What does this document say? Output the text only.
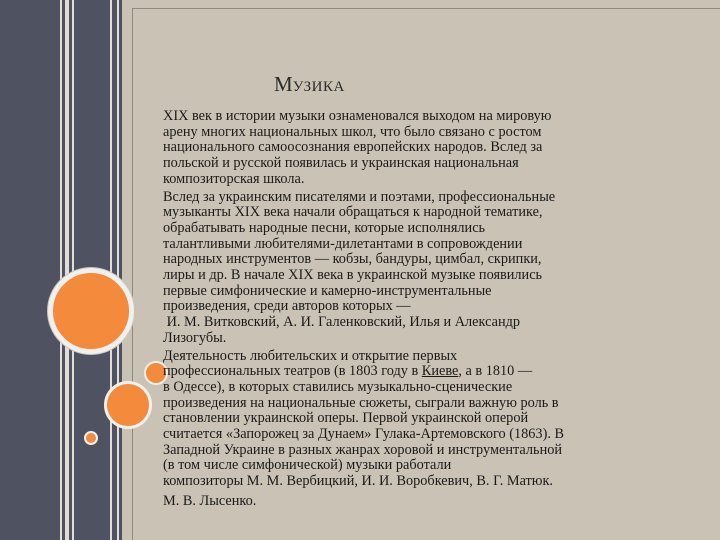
МУЗИКА
XIX век в истории музыки ознаменовался выходом на мировую
арену многих национальных школ, что было связано с ростом
национального самоосознания европейских народов. Вслед за
польской и русской появилась и украинская национальная
композиторская школа.
Вслед за украинским писателями и поэтами, профессиональные
музыканты XIX века начали обращаться к народной тематике,
обрабатывать народные песни, которые исполнялись
талантливыми любителями-дилетантами в сопровождении
народных инструментов — кобзы, бандуры, цимбал, скрипки,
лиры и др. В начале XIX века в украинской музыке появились
первые симфонические и камерно-инструментальные
произведения, среди авторов которых —
И. М. Витковский, А. И. Галенковский, Илья и Александр
Лизогубы.
Деятельность любительских и открытие первых
профессиональных театров (в 1803 году в Киеве, а в 1810 —
в Одессе), в которых ставились музыкально-сценические
произведения на национальные сюжеты, сыграли важную роль в
становлении украинской оперы. Первой украинской оперой
считается «Запорожец за Дунаем» Гулака-Артемовского (1863). В
Западной Украине в разных жанрах хоровой и инструментальной
(в том числе симфонической) музыки работали
композиторы М. М. Вербицкий, И. И. Воробкевич, В. Г. Матюк.
М. В. Лысенко.
